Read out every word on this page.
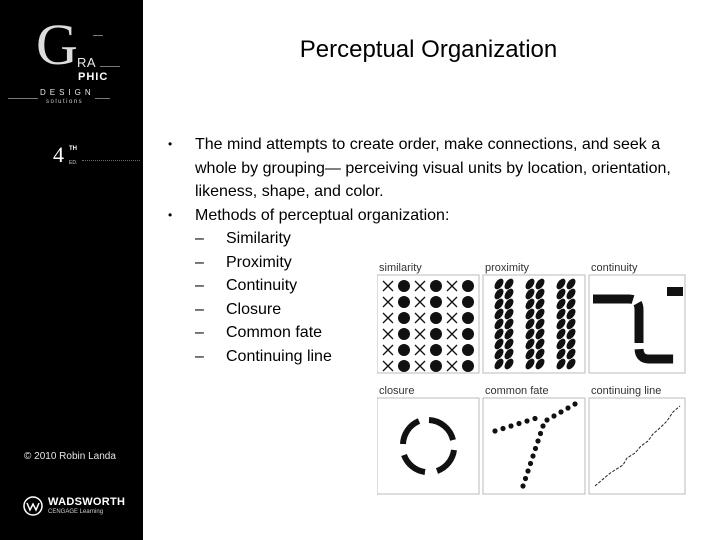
G RA
PHIC
DESIGN
solutions
4 TH
ED.
© 2010 Robin Landa
WADSWORTH
CENGAGE Learning
Perceptual Organization
• The mind attempts to create order, make connections, and seek a whole by grouping— perceiving visual units by location, orientation, likeness, shape, and color.
• Methods of perceptual organization:
– Similarity
– Proximity
– Continuity
– Closure
– Common fate
– Continuing line
similarity	proximity	continuity
closure	common fate	continuing line
